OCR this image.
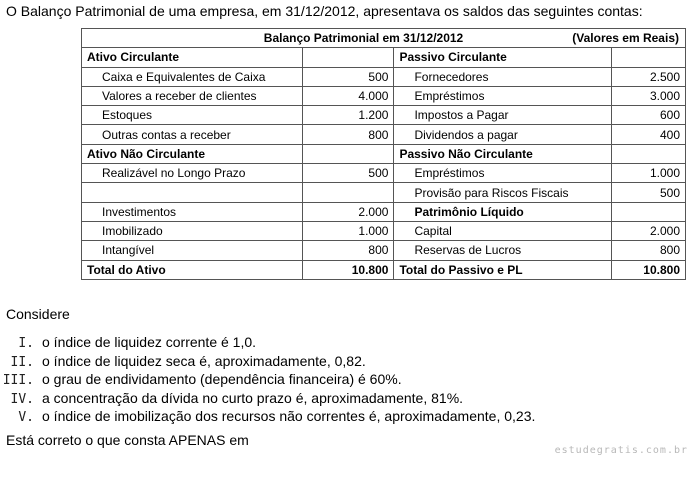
O Balanço Patrimonial de uma empresa, em 31/12/2012, apresentava os saldos das seguintes contas:
Balanço Patrimonial em 31/12/2012 (Valores em Reais)			

Ativo Circulante		Passivo Circulante	
Caixa e Equivalentes de Caixa	500	Fornecedores	2.500
Valores a receber de clientes	4.000	Empréstimos	3.000
Estoques	1.200	Impostos a Pagar	600
Outras contas a receber	800	Dividendos a pagar	400
Ativo Não Circulante		Passivo Não Circulante	
Realizável no Longo Prazo	500	Empréstimos	1.000
		Provisão para Riscos Fiscais	500
Investimentos	2.000	Patrimônio Líquido	
Imobilizado	1.000	Capital	2.000
Intangível	800	Reservas de Lucros	800
Total do Ativo	10.800	Total do Passivo e PL	10.800
Considere
I. o índice de liquidez corrente é 1,0.
II. o índice de liquidez seca é, aproximadamente, 0,82.
III. o grau de endividamento (dependência financeira) é 60%.
IV. a concentração da dívida no curto prazo é, aproximadamente, 81%.
V. o índice de imobilização dos recursos não correntes é, aproximadamente, 0,23.
Está correto o que consta APENAS em
estudegratis.com.br
